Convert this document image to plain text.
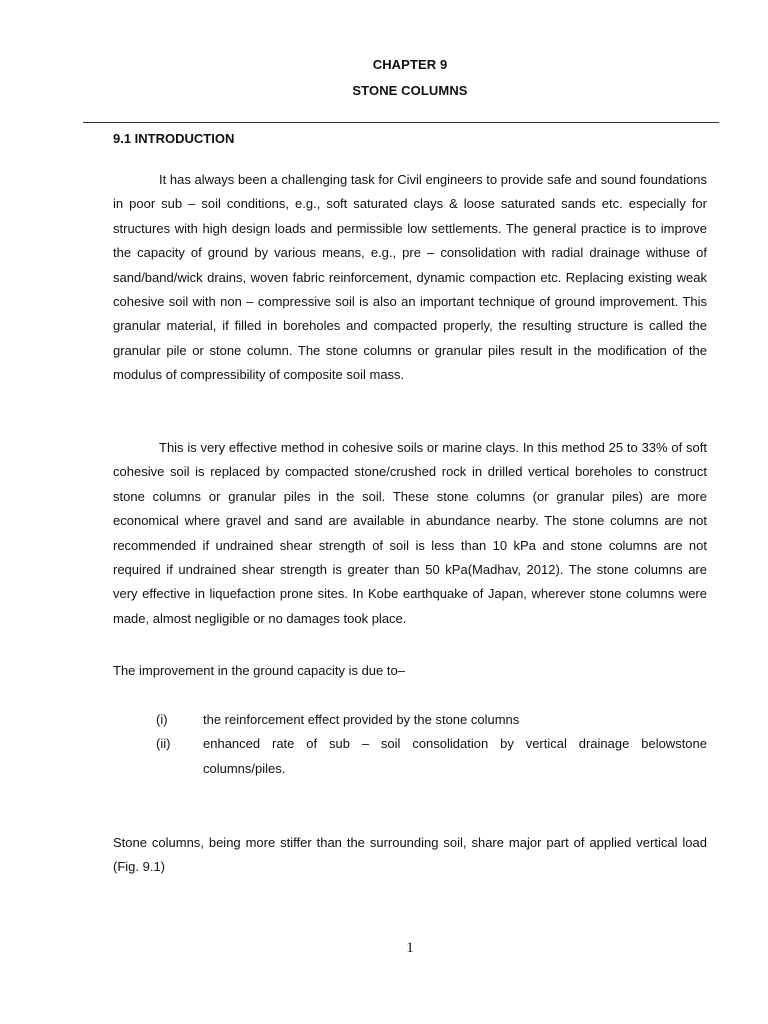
CHAPTER 9
STONE COLUMNS
9.1 INTRODUCTION

It has always been a challenging task for Civil engineers to provide safe and sound foundations in poor sub – soil conditions, e.g., soft saturated clays & loose saturated sands etc. especially for structures with high design loads and permissible low settlements. The general practice is to improve the capacity of ground by various means, e.g., pre – consolidation with radial drainage withuse of sand/band/wick drains, woven fabric reinforcement, dynamic compaction etc. Replacing existing weak cohesive soil with non – compressive soil is also an important technique of ground improvement. This granular material, if filled in boreholes and compacted properly, the resulting structure is called the granular pile or stone column. The stone columns or granular piles result in the modification of the modulus of compressibility of composite soil mass.

This is very effective method in cohesive soils or marine clays. In this method 25 to 33% of soft cohesive soil is replaced by compacted stone/crushed rock in drilled vertical boreholes to construct stone columns or granular piles in the soil. These stone columns (or granular piles) are more economical where gravel and sand are available in abundance nearby. The stone columns are not recommended if undrained shear strength of soil is less than 10 kPa and stone columns are not required if undrained shear strength is greater than 50 kPa(Madhav, 2012). The stone columns are very effective in liquefaction prone sites. In Kobe earthquake of Japan, wherever stone columns were made, almost negligible or no damages took place.

The improvement in the ground capacity is due to–

(i)	the reinforcement effect provided by the stone columns
(ii)	enhanced rate of sub – soil consolidation by vertical drainage belowstone columns/piles.

Stone columns, being more stiffer than the surrounding soil, share major part of applied vertical load (Fig. 9.1)

1
